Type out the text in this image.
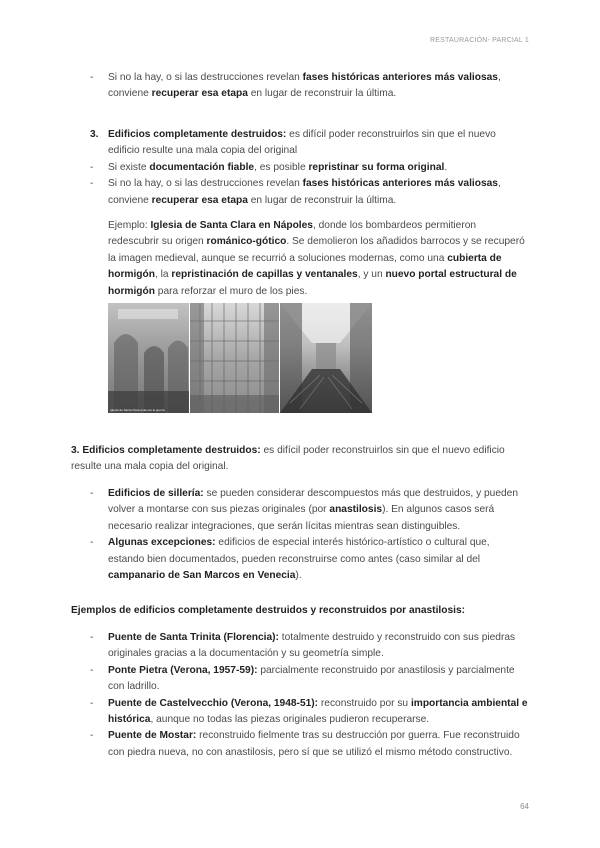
RESTAURACIÓN- PARCIAL 1
- Si no la hay, o si las destrucciones revelan fases históricas anteriores más valiosas, conviene recuperar esa etapa en lugar de reconstruir la última.
3. Edificios completamente destruidos: es difícil poder reconstruirlos sin que el nuevo edificio resulte una mala copia del original
- Si existe documentación fiable, es posible repristinar su forma original.
- Si no la hay, o si las destrucciones revelan fases históricas anteriores más valiosas, conviene recuperar esa etapa en lugar de reconstruir la última.
Ejemplo: Iglesia de Santa Clara en Nápoles, donde los bombardeos permitieron redescubrir su origen románico-gótico. Se demolieron los añadidos barrocos y se recuperó la imagen medieval, aunque se recurrió a soluciones modernas, como una cubierta de hormigón, la repristinación de capillas y ventanales, y un nuevo portal estructural de hormigón para reforzar el muro de los pies.
Iglesia de Santa Clara antes de la guerra
3. Edificios completamente destruidos: es difícil poder reconstruirlos sin que el nuevo edificio resulte una mala copia del original.
- Edificios de sillería: se pueden considerar descompuestos más que destruidos, y pueden volver a montarse con sus piezas originales (por anastilosis). En algunos casos será necesario realizar integraciones, que serán lícitas mientras sean distinguibles.
- Algunas excepciones: edificios de especial interés histórico-artístico o cultural que, estando bien documentados, pueden reconstruirse como antes (caso similar al del campanario de San Marcos en Venecia).
Ejemplos de edificios completamente destruidos y reconstruidos por anastilosis:
- Puente de Santa Trinita (Florencia): totalmente destruido y reconstruido con sus piedras originales gracias a la documentación y su geometría simple.
- Ponte Pietra (Verona, 1957-59): parcialmente reconstruido por anastilosis y parcialmente con ladrillo.
- Puente de Castelvecchio (Verona, 1948-51): reconstruido por su importancia ambiental e histórica, aunque no todas las piezas originales pudieron recuperarse.
- Puente de Mostar: reconstruido fielmente tras su destrucción por guerra. Fue reconstruido con piedra nueva, no con anastilosis, pero sí que se utilizó el mismo método constructivo.
64
